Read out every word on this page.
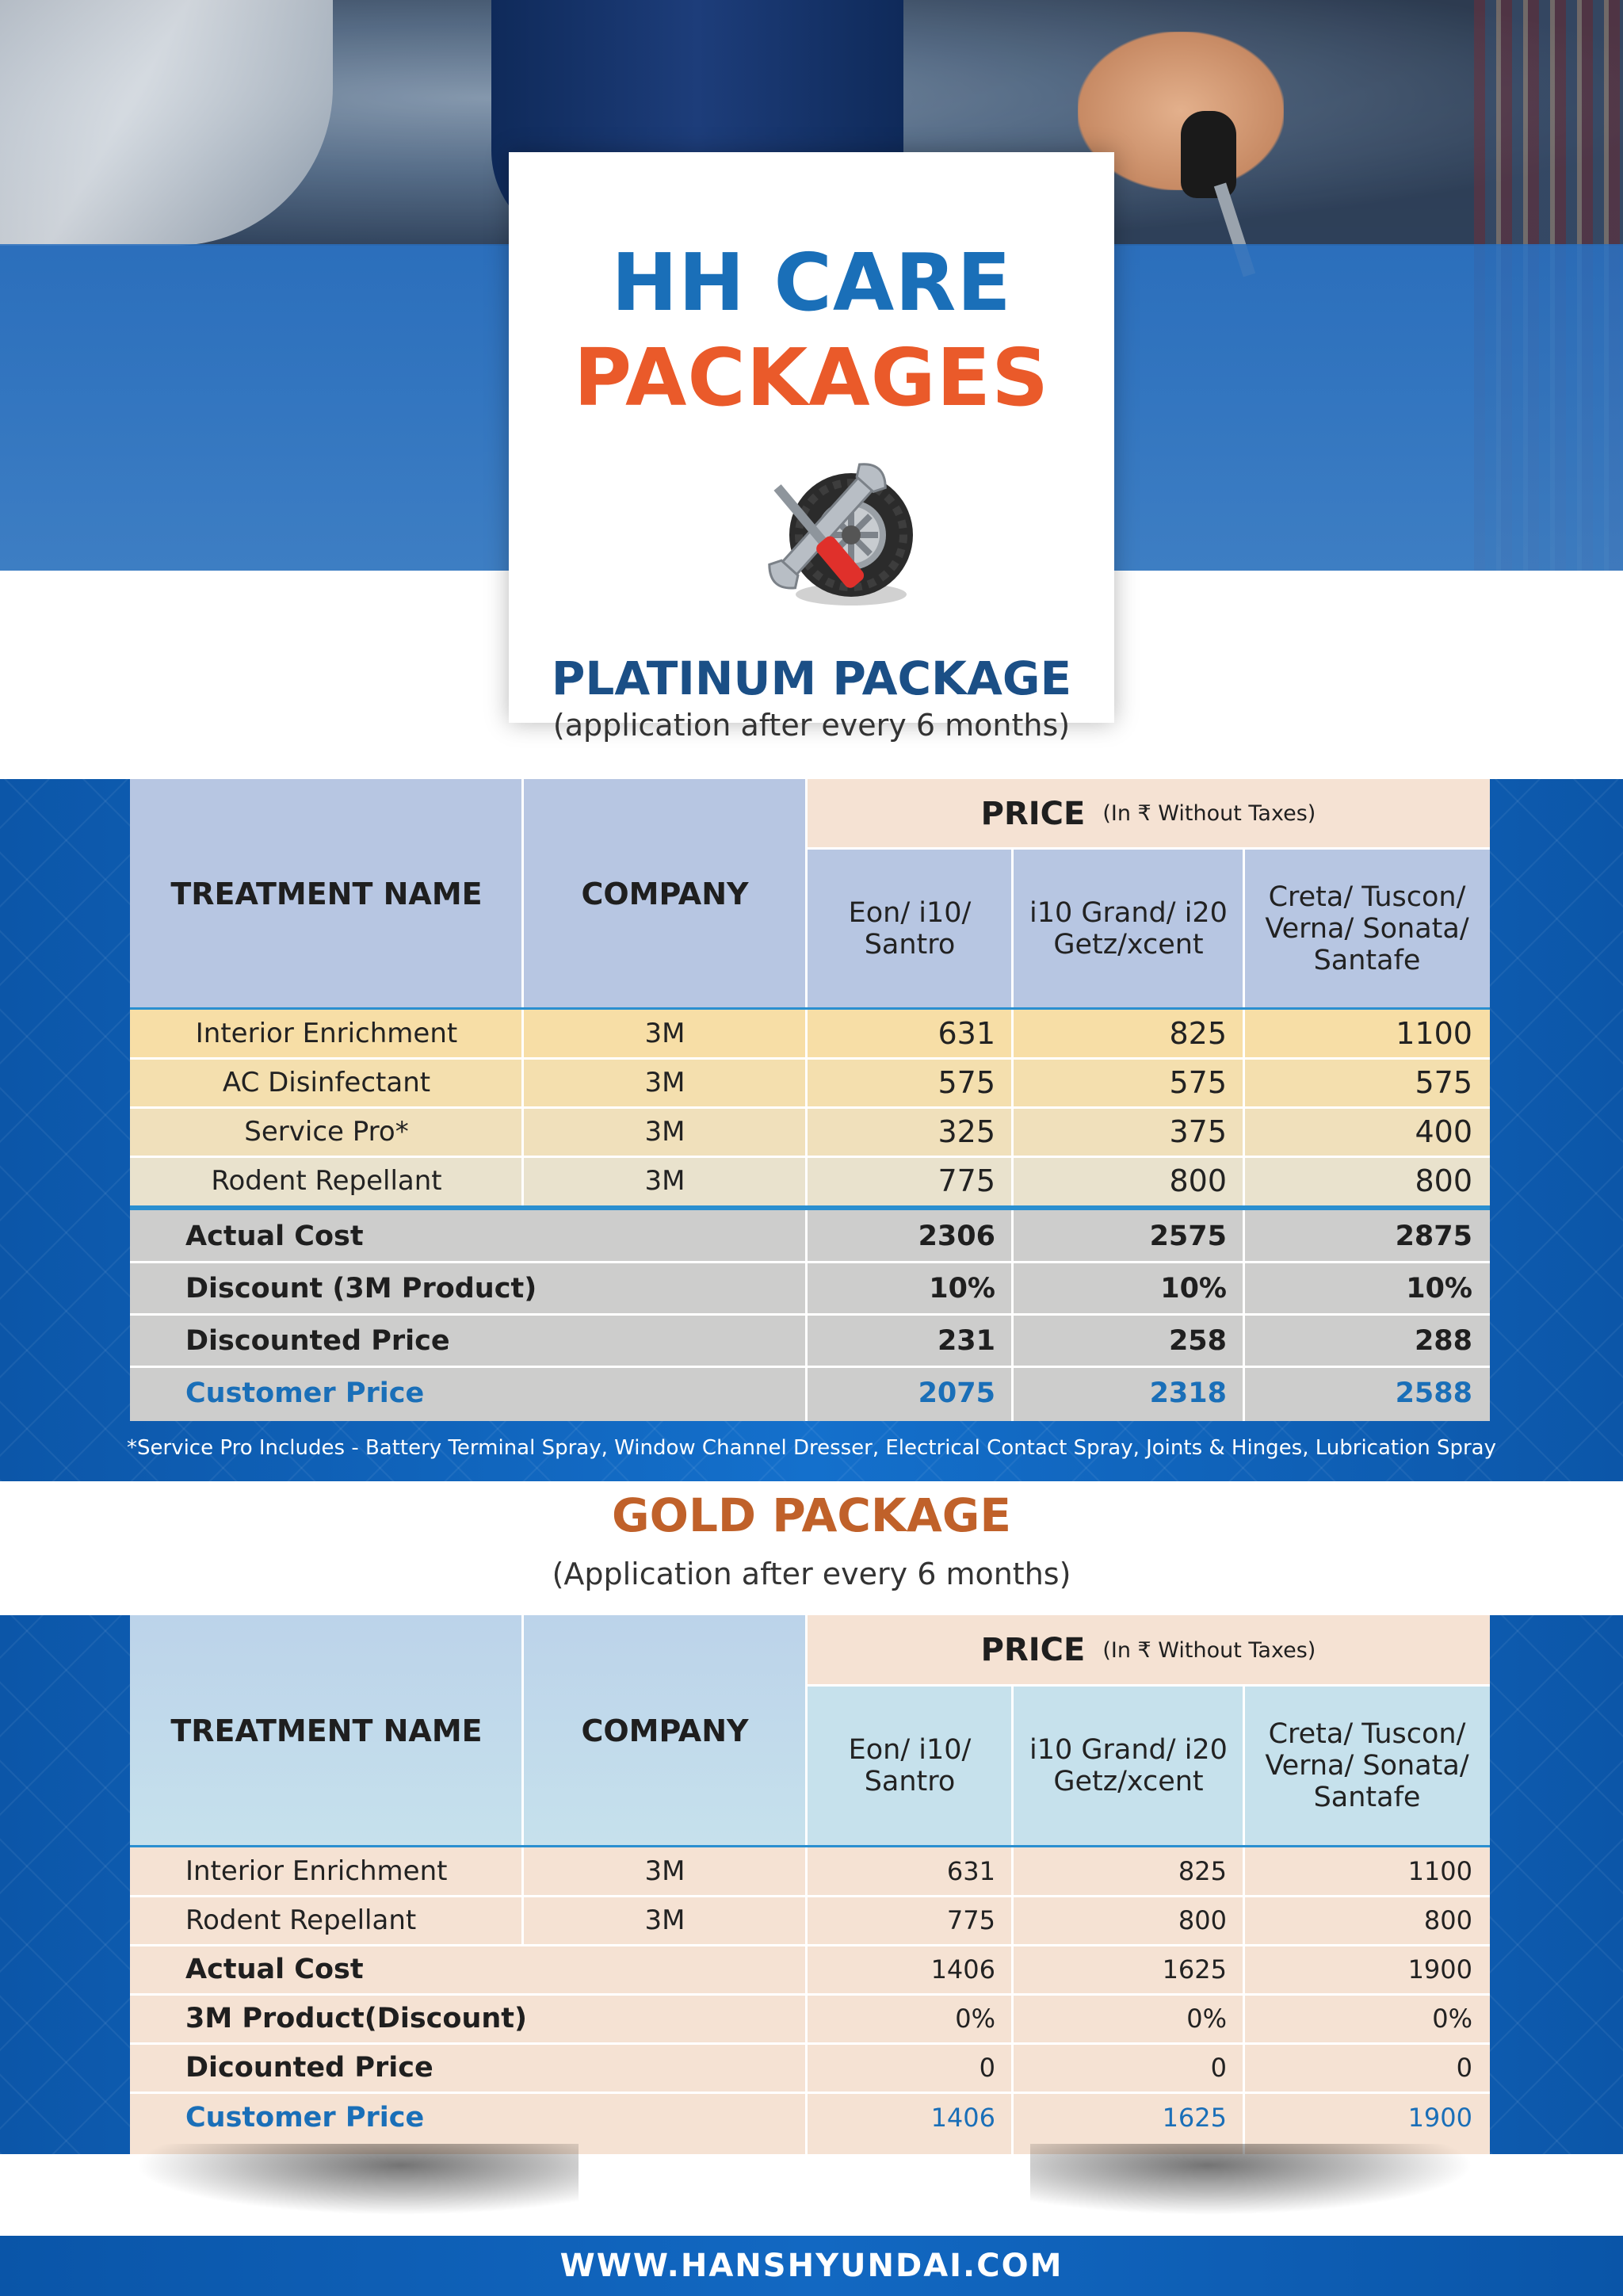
HH CARE
PACKAGES
PLATINUM PACKAGE
(application after every 6 months)
TREATMENT NAME	COMPANY
PRICE (In ₹ Without Taxes)
Eon/ i10/
Santro
i10 Grand/ i20
Getz/xcent
Creta/ Tuscon/
Verna/ Sonata/
Santafe
Interior Enrichment	3M	631	825	1100
AC Disinfectant	3M	575	575	575
Service Pro*	3M	325	375	400
Rodent Repellant	3M	775	800	800
Actual Cost	2306	2575	2875
Discount (3M Product)	10%	10%	10%
Discounted Price	231	258	288
Customer Price	2075	2318	2588
*Service Pro Includes - Battery Terminal Spray, Window Channel Dresser, Electrical Contact Spray, Joints & Hinges, Lubrication Spray
GOLD PACKAGE
(Application after every 6 months)
TREATMENT NAME	COMPANY
PRICE (In ₹ Without Taxes)
Eon/ i10/
Santro
i10 Grand/ i20
Getz/xcent
Creta/ Tuscon/
Verna/ Sonata/
Santafe
Interior Enrichment	3M	631	825	1100
Rodent Repellant	3M	775	800	800
Actual Cost	1406	1625	1900
3M Product(Discount)	0%	0%	0%
Dicounted Price	0	0	0
Customer Price	1406	1625	1900
WWW.HANSHYUNDAI.COM
